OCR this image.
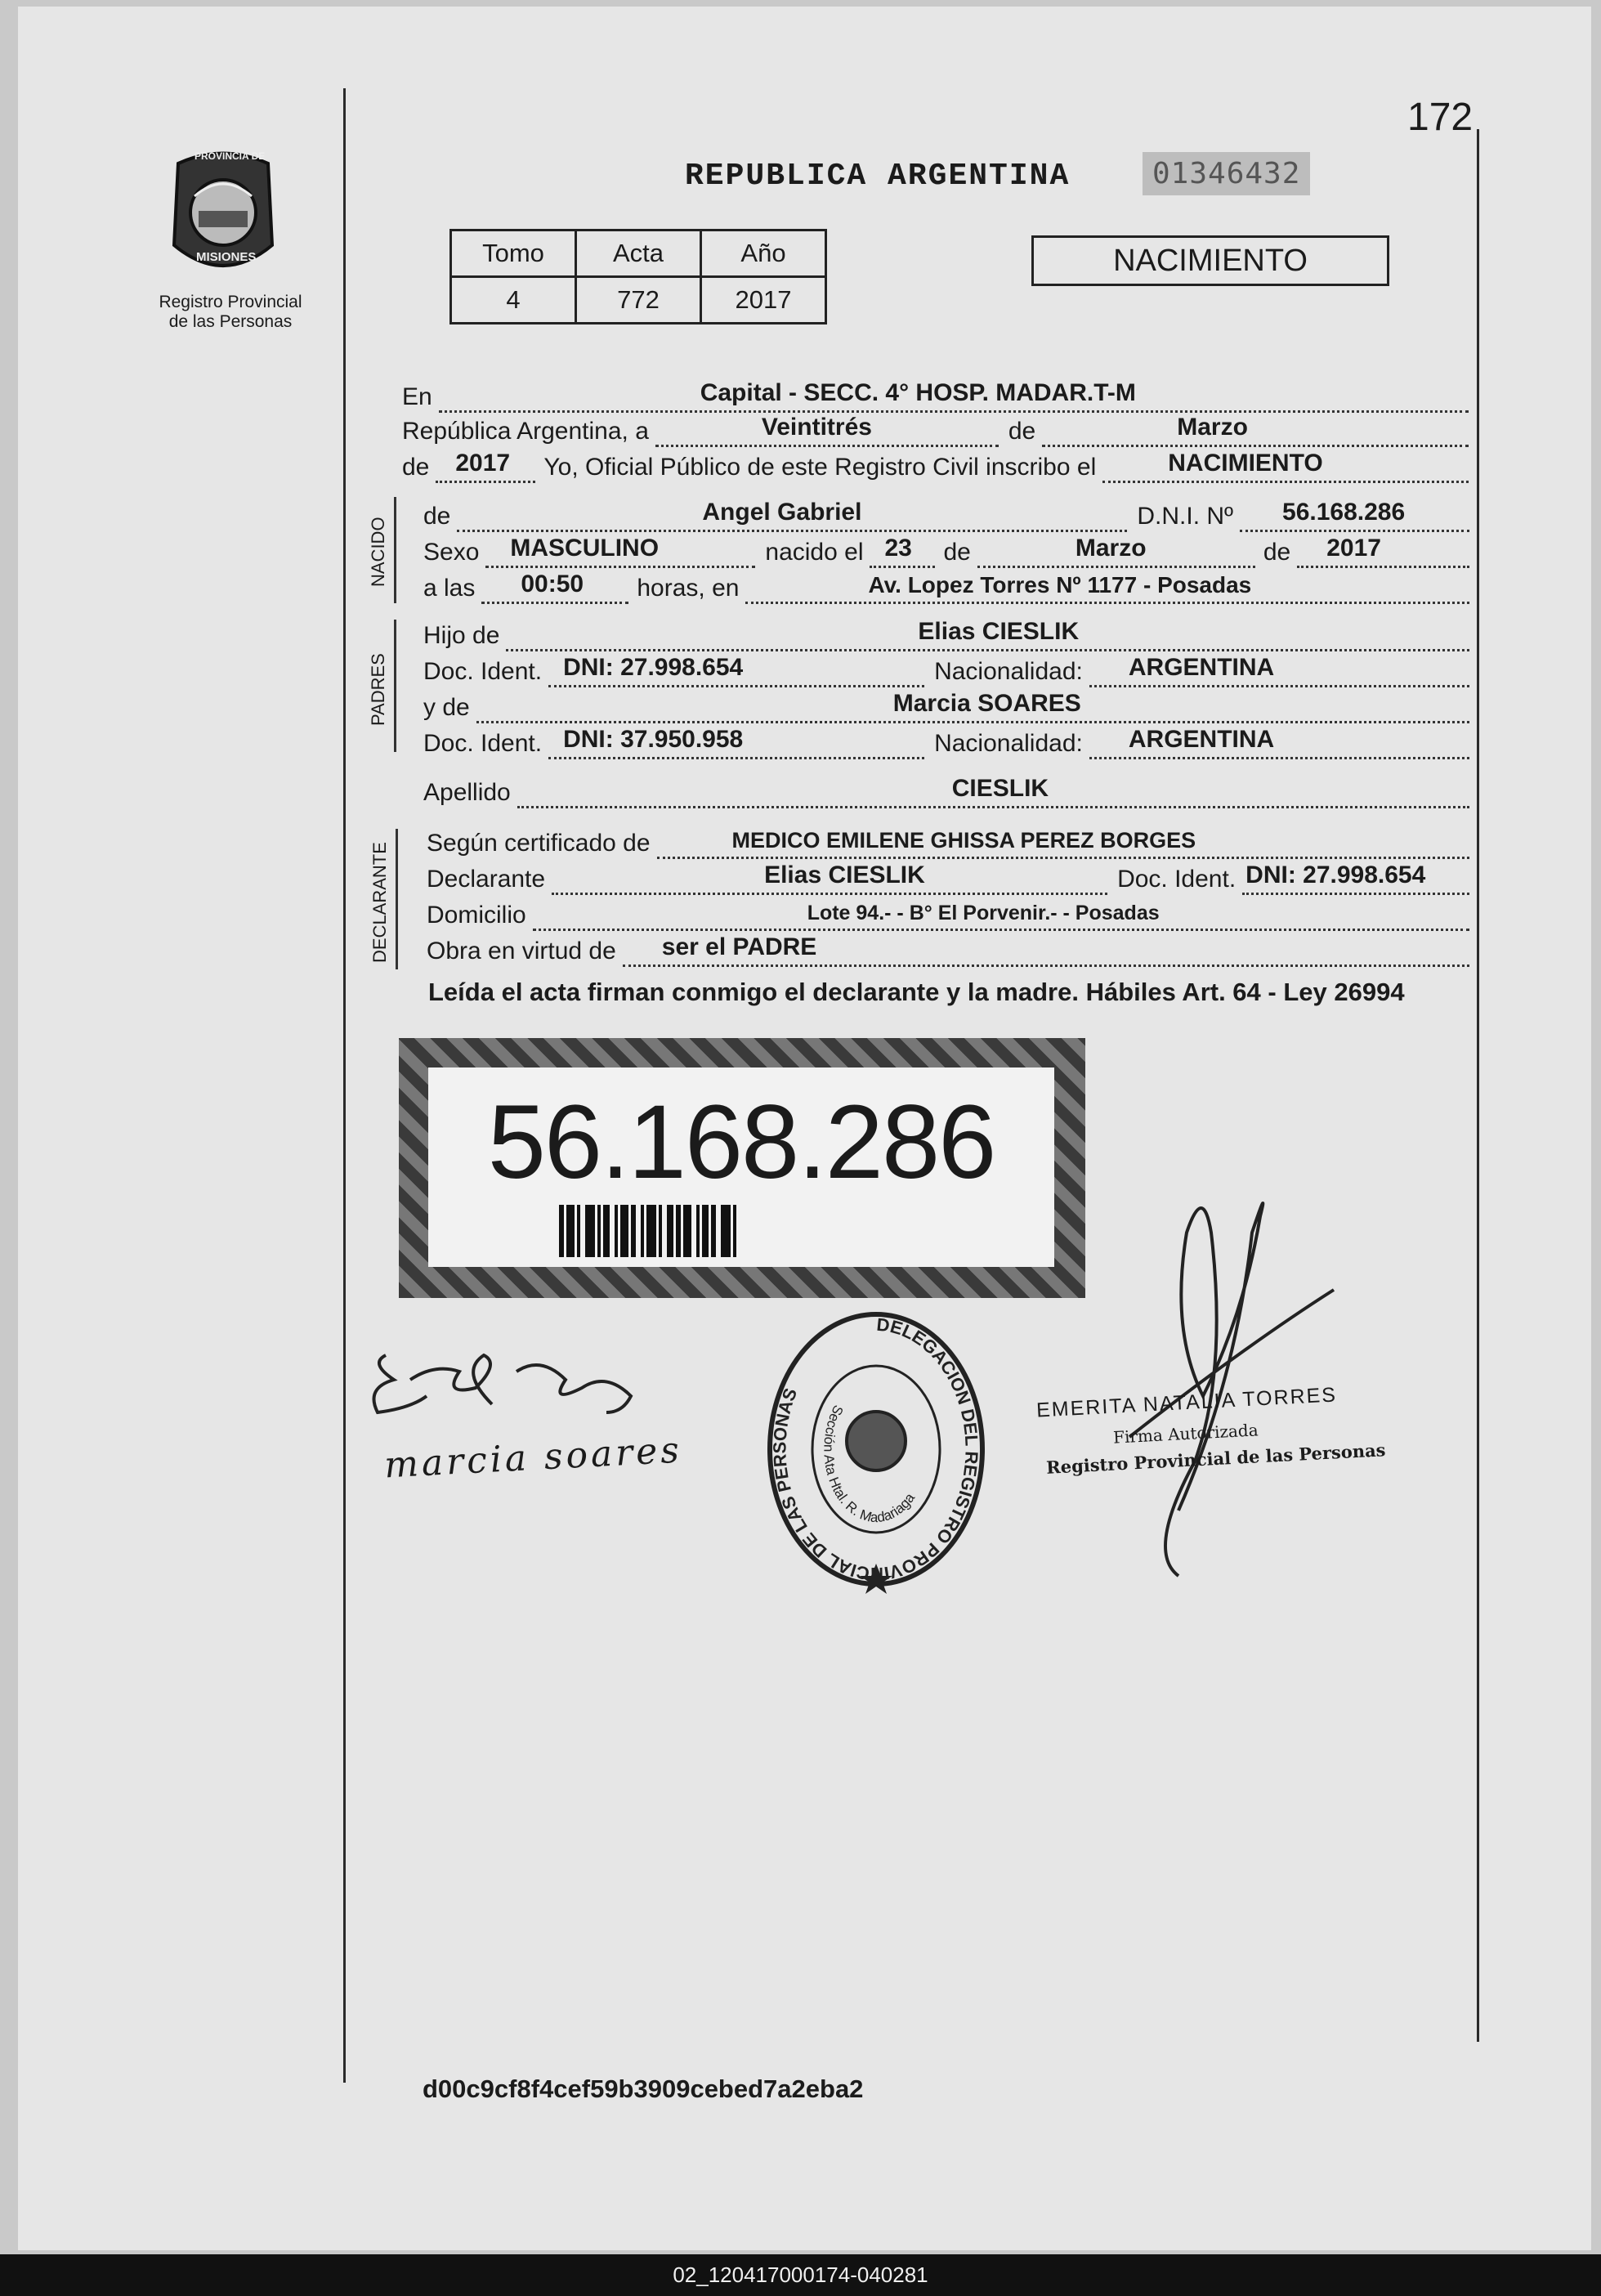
172
PROVINCIA DE
MISIONES
Registro Provincial de las Personas
REPUBLICA ARGENTINA	01346432
Tomo	Acta	Año
4	772	2017
NACIMIENTO
En	Capital - SECC. 4° HOSP. MADAR.T-M
República Argentina, a	Veintitrés	de	Marzo
de 2017	Yo, Oficial Público de este Registro Civil inscribo el	NACIMIENTO
NACIDO
de	Angel Gabriel	D.N.I. Nº 56.168.286
Sexo MASCULINO	nacido el 23	de	Marzo	de 2017
a las 00:50	horas, en	Av. Lopez Torres Nº 1177 - Posadas
PADRES
Hijo de	Elias CIESLIK
Doc. Ident. DNI: 27.998.654	Nacionalidad: ARGENTINA
y de	Marcia SOARES
Doc. Ident. DNI: 37.950.958	Nacionalidad: ARGENTINA
Apellido	CIESLIK
DECLARANTE Según certificado de	MEDICO EMILENE GHISSA PEREZ BORGES
Declarante	Elias CIESLIK	Doc. Ident. DNI: 27.998.654
Domicilio	Lote 94.- - B° El Porvenir.- - Posadas
Obra en virtud de ser el PADRE
Leída el acta firman conmigo el declarante y la madre. Hábiles Art. 64 - Ley 26994
56.168.286
marcia soares
DELEGACION DEL REGISTRO PROVINCIAL DE LAS PERSONAS
Sección Ata Htal. R. Madariaga
EMERITA NATALIA TORRES
Firma Autorizada
Registro Provincial de las Personas
d00c9cf8f4cef59b3909cebed7a2eba2
02_120417000174-040281
